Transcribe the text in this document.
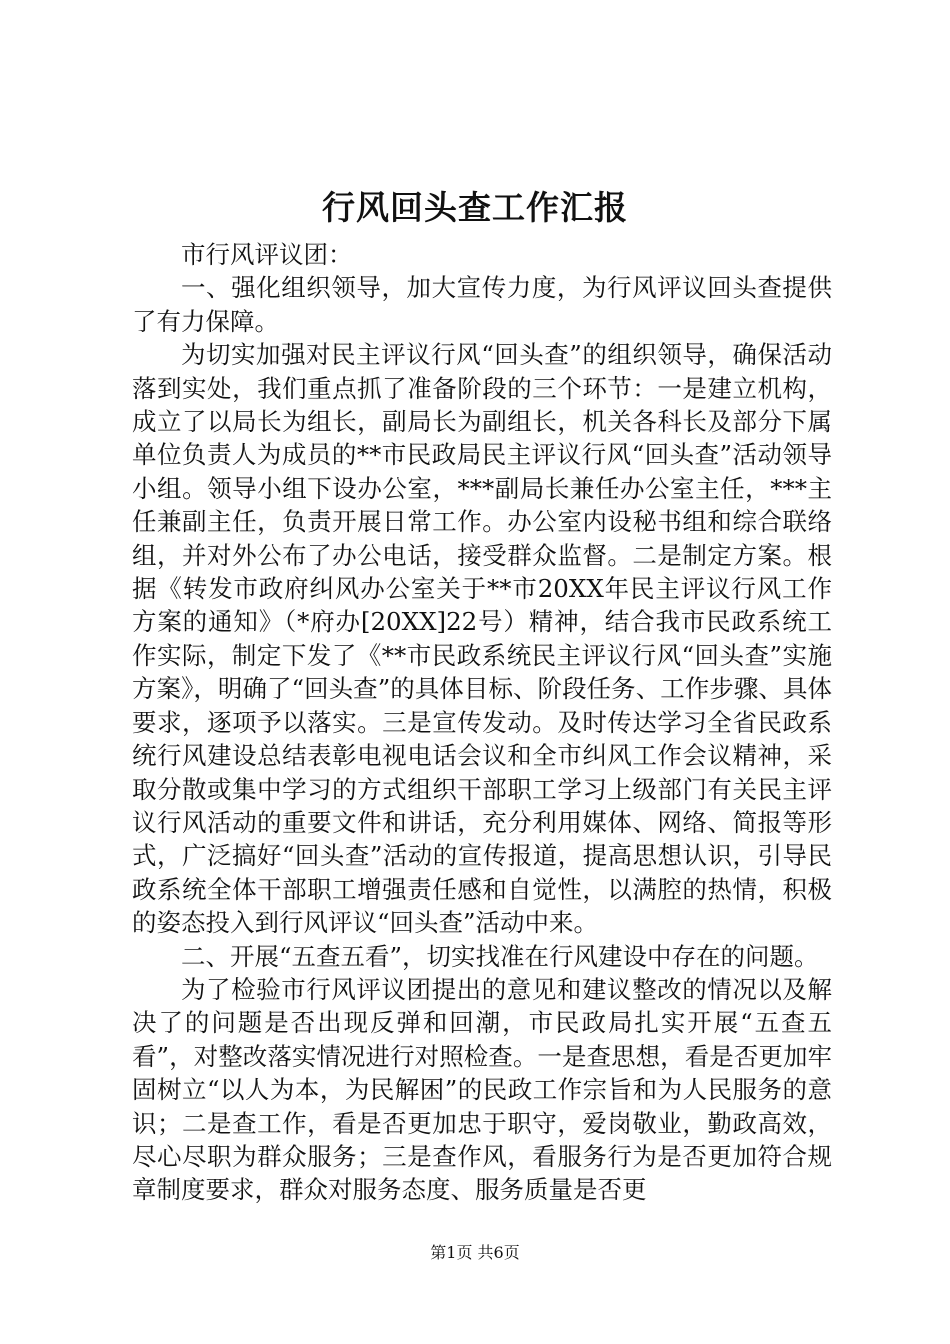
行风回头查工作汇报

市行风评议团：

一、强化组织领导，加大宣传力度，为行风评议回头查提供了有力保障。

为切实加强对民主评议行风“回头查”的组织领导，确保活动落到实处，我们重点抓了准备阶段的三个环节：一是建立机构，成立了以局长为组长，副局长为副组长，机关各科长及部分下属单位负责人为成员的**市民政局民主评议行风“回头查”活动领导小组。领导小组下设办公室，***副局长兼任办公室主任，***主任兼副主任，负责开展日常工作。办公室内设秘书组和综合联络组，并对外公布了办公电话，接受群众监督。二是制定方案。根据《转发市政府纠风办公室关于**市20XX年民主评议行风工作方案的通知》（*府办[20XX]22号）精神，结合我市民政系统工作实际，制定下发了《**市民政系统民主评议行风“回头查”实施方案》，明确了“回头查”的具体目标、阶段任务、工作步骤、具体要求，逐项予以落实。三是宣传发动。及时传达学习全省民政系统行风建设总结表彰电视电话会议和全市纠风工作会议精神，采取分散或集中学习的方式组织干部职工学习上级部门有关民主评议行风活动的重要文件和讲话，充分利用媒体、网络、简报等形式，广泛搞好“回头查”活动的宣传报道，提高思想认识，引导民政系统全体干部职工增强责任感和自觉性，以满腔的热情，积极的姿态投入到行风评议“回头查”活动中来。

二、开展“五查五看”，切实找准在行风建设中存在的问题。

为了检验市行风评议团提出的意见和建议整改的情况以及解决了的问题是否出现反弹和回潮，市民政局扎实开展“五查五看”，对整改落实情况进行对照检查。一是查思想，看是否更加牢固树立“以人为本，为民解困”的民政工作宗旨和为人民服务的意识；二是查工作，看是否更加忠于职守，爱岗敬业，勤政高效，尽心尽职为群众服务；三是查作风，看服务行为是否更加符合规章制度要求，群众对服务态度、服务质量是否更

第1页 共6页
